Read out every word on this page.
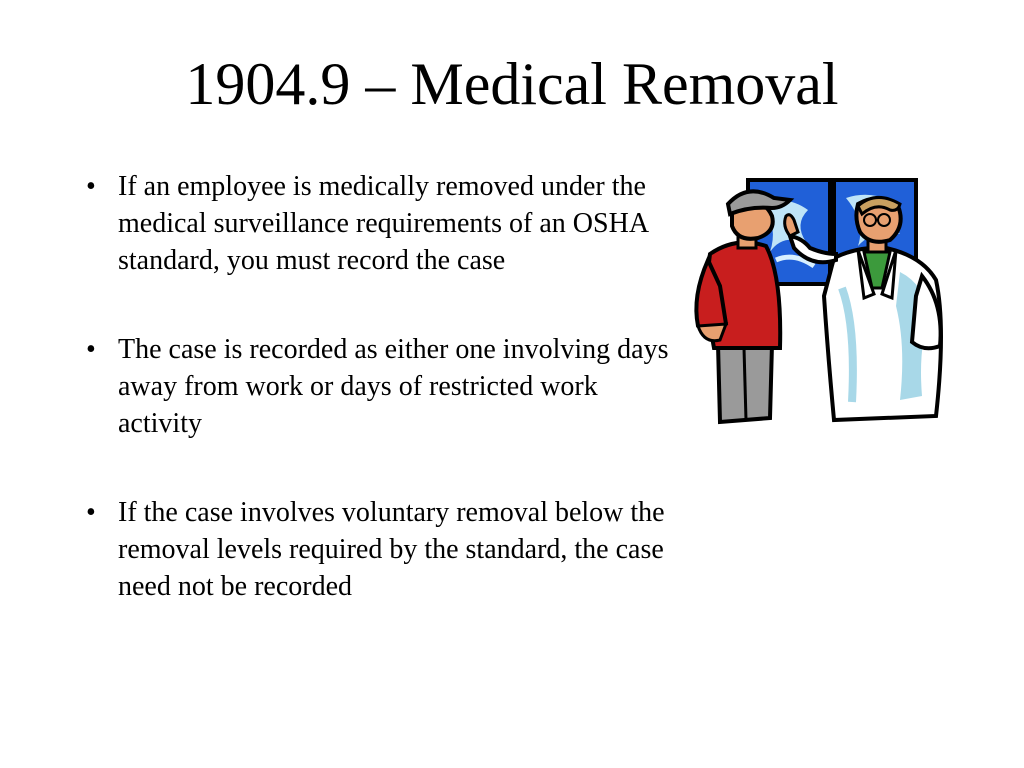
1904.9 – Medical Removal
• If an employee is medically removed under the medical surveillance requirements of an OSHA standard, you must record the case
• The case is recorded as either one involving days away from work or days of restricted work activity
• If the case involves voluntary removal below the removal levels required by the standard, the case need not be recorded
